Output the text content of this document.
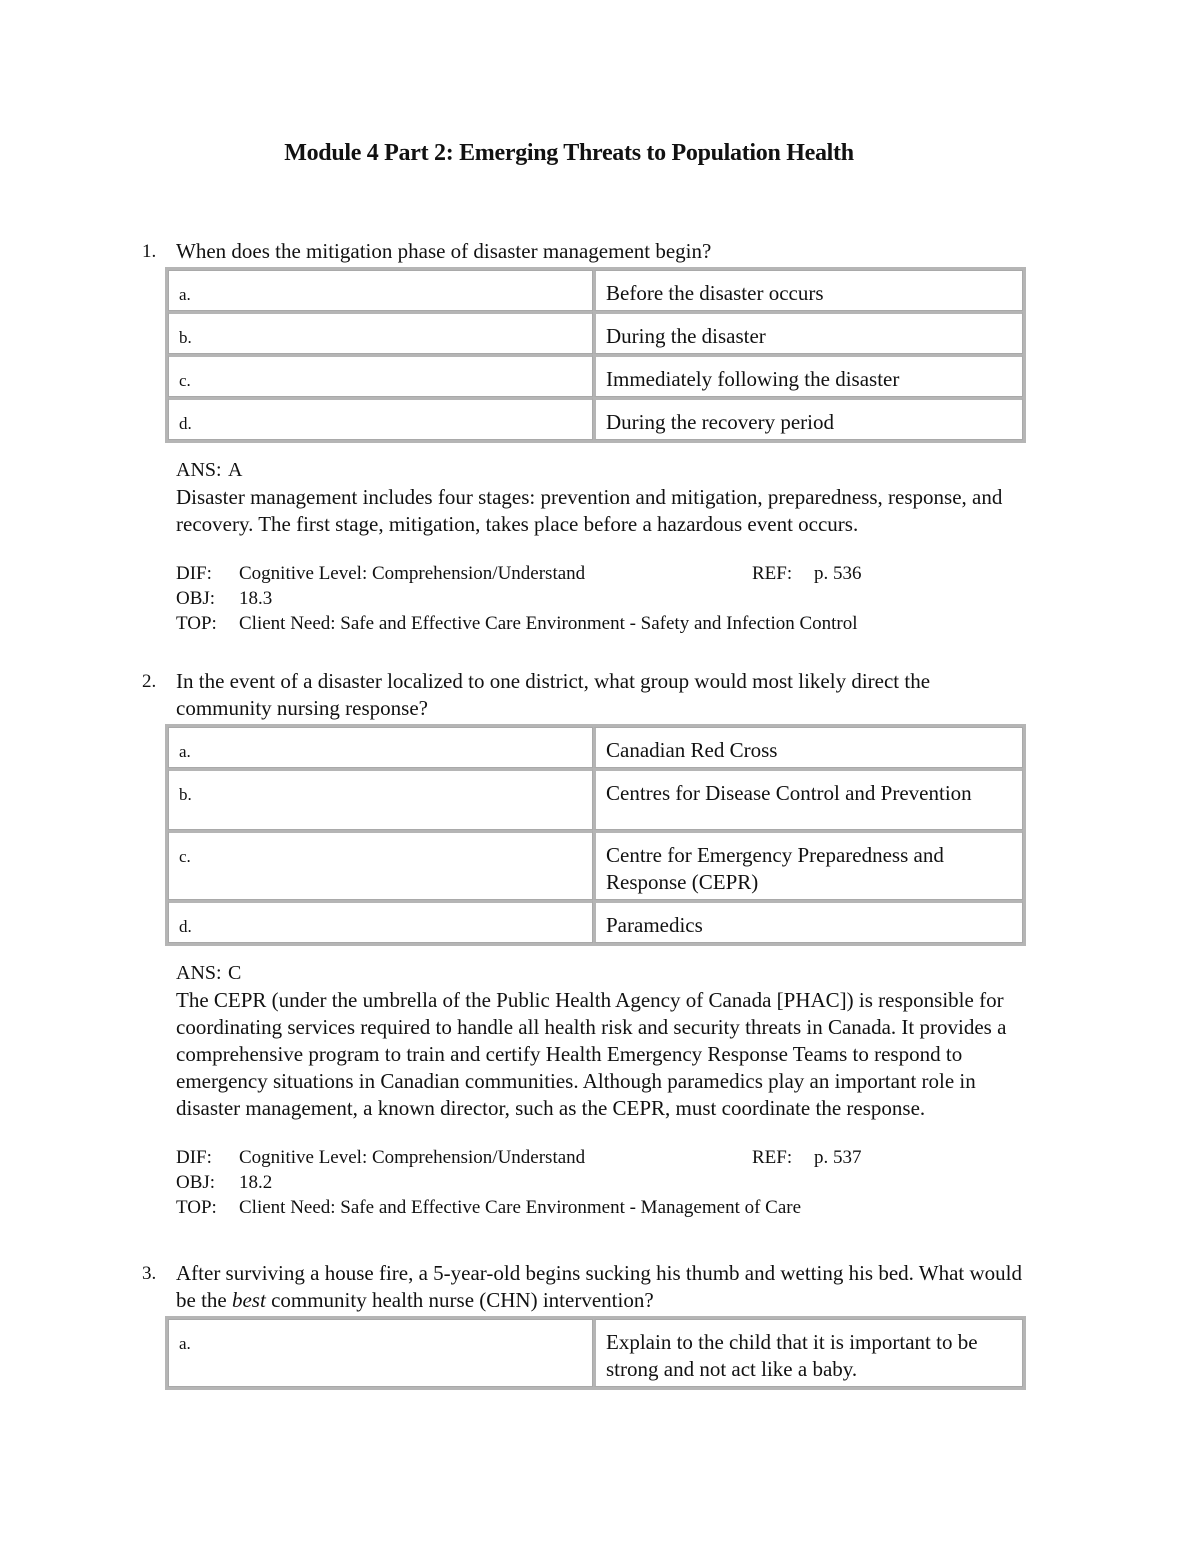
Module 4 Part 2: Emerging Threats to Population Health
1. When does the mitigation phase of disaster management begin?
a.	Before the disaster occurs
b.	During the disaster
c.	Immediately following the disaster
d.	During the recovery period
ANS: A
Disaster management includes four stages: prevention and mitigation, preparedness, response, and recovery. The first stage, mitigation, takes place before a hazardous event occurs.
DIF: Cognitive Level: Comprehension/Understand	REF: p. 536
OBJ: 18.3
TOP: Client Need: Safe and Effective Care Environment - Safety and Infection Control
2. In the event of a disaster localized to one district, what group would most likely direct the community nursing response?
a.	Canadian Red Cross
b.	Centres for Disease Control and Prevention
c.	Centre for Emergency Preparedness and Response (CEPR)
d.	Paramedics
ANS: C
The CEPR (under the umbrella of the Public Health Agency of Canada [PHAC]) is responsible for coordinating services required to handle all health risk and security threats in Canada. It provides a comprehensive program to train and certify Health Emergency Response Teams to respond to emergency situations in Canadian communities. Although paramedics play an important role in disaster management, a known director, such as the CEPR, must coordinate the response.
DIF: Cognitive Level: Comprehension/Understand	REF: p. 537
OBJ: 18.2
TOP: Client Need: Safe and Effective Care Environment - Management of Care
3. After surviving a house fire, a 5-year-old begins sucking his thumb and wetting his bed. What would be the best community health nurse (CHN) intervention?
a.	Explain to the child that it is important to be strong and not act like a baby.
